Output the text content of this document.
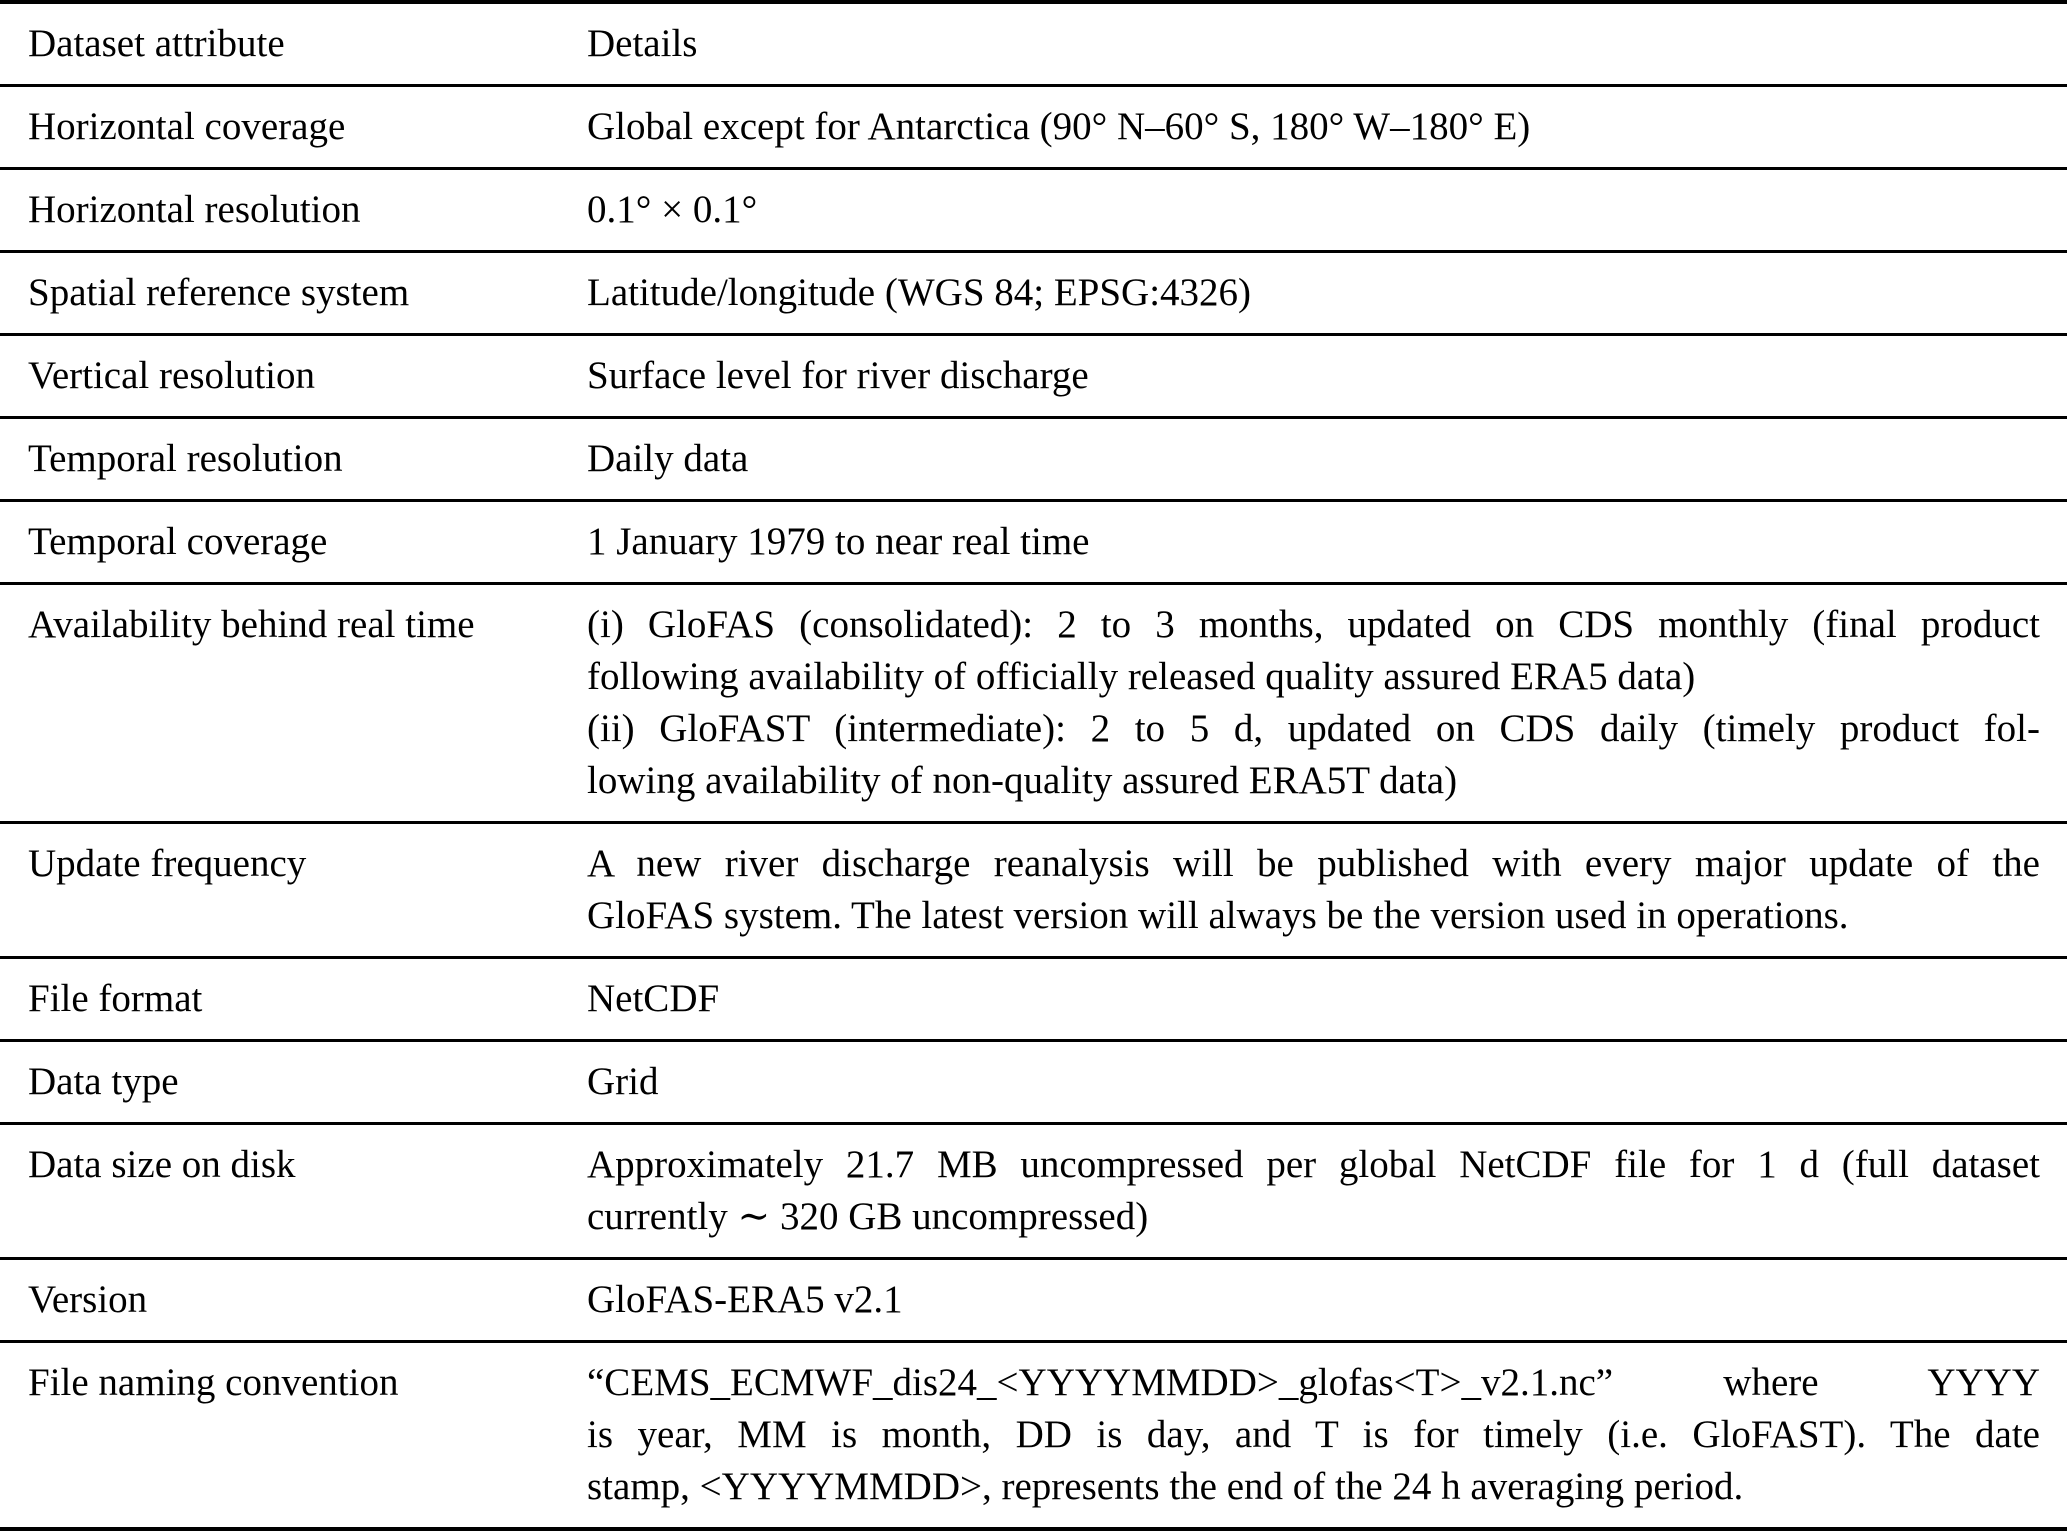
Dataset attribute	Details
Horizontal coverage	Global except for Antarctica (90° N–60° S, 180° W–180° E)

Horizontal resolution	0.1° × 0.1°

Spatial reference system	Latitude/longitude (WGS 84; EPSG:4326)

Vertical resolution	Surface level for river discharge

Temporal resolution	Daily data

Temporal coverage	1 January 1979 to near real time

Availability behind real time	(i) GloFAS (consolidated): 2 to 3 months, updated on CDS monthly (final product
following availability of officially released quality assured ERA5 data)
(ii) GloFAST (intermediate): 2 to 5 d, updated on CDS daily (timely product fol-
lowing availability of non-quality assured ERA5T data)

Update frequency	A new river discharge reanalysis will be published with every major update of the
GloFAS system. The latest version will always be the version used in operations.

File format	NetCDF

Data type	Grid

Data size on disk	Approximately 21.7 MB uncompressed per global NetCDF file for 1 d (full dataset
currently ∼ 320 GB uncompressed)

Version	GloFAS-ERA5 v2.1

File naming convention	“CEMS_ECMWF_dis24_<YYYYMMDD>_glofas<T>_v2.1.nc” where YYYY
is year, MM is month, DD is day, and T is for timely (i.e. GloFAST). The date
stamp, <YYYYMMDD>, represents the end of the 24 h averaging period.
